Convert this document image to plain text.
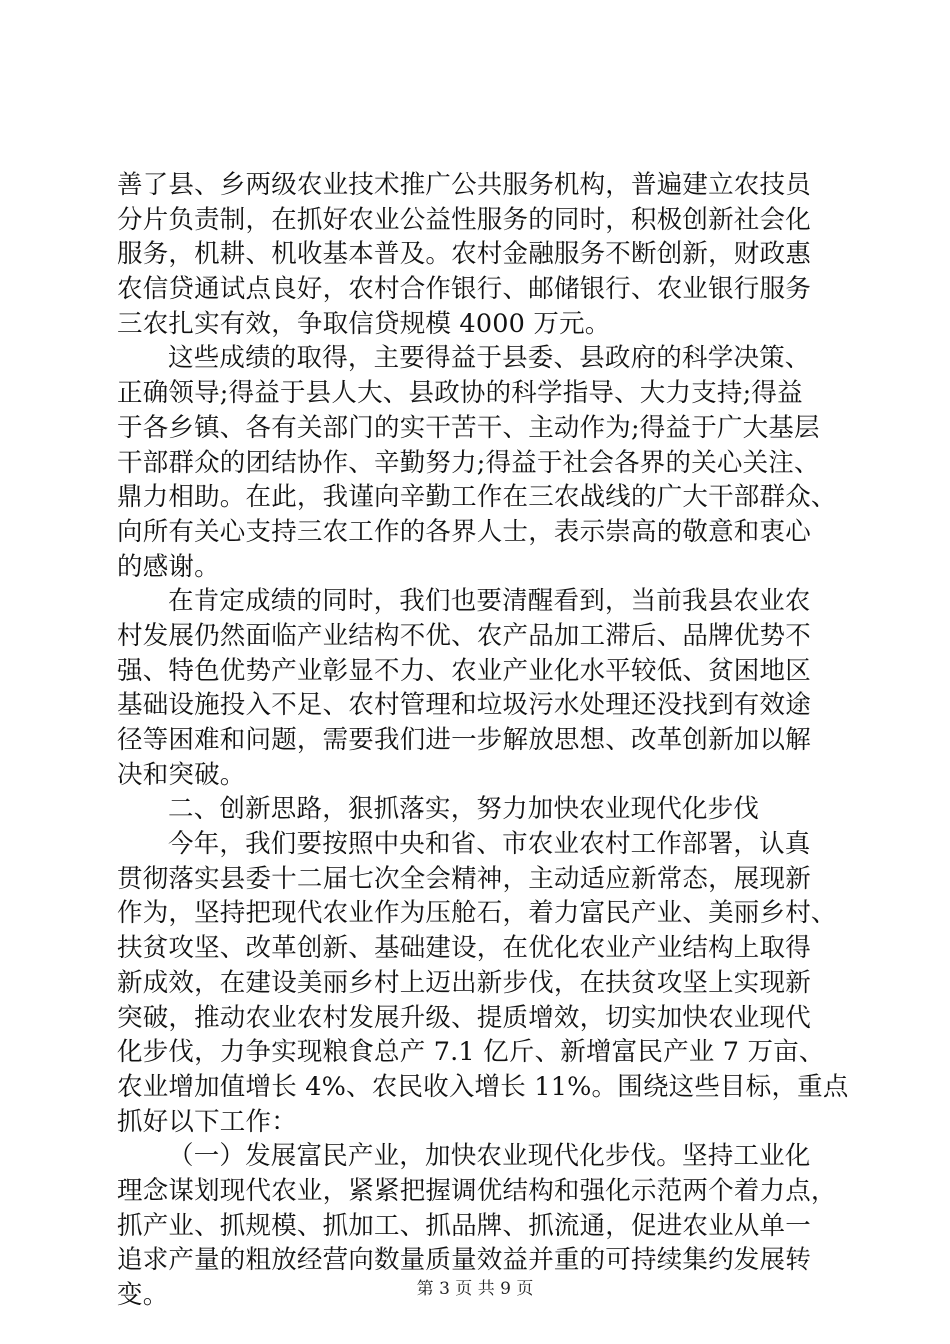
善了县、乡两级农业技术推广公共服务机构，普遍建立农技员
分片负责制，在抓好农业公益性服务的同时，积极创新社会化
服务，机耕、机收基本普及。农村金融服务不断创新，财政惠
农信贷通试点良好，农村合作银行、邮储银行、农业银行服务
三农扎实有效，争取信贷规模 4000 万元。
这些成绩的取得，主要得益于县委、县政府的科学决策、
正确领导;得益于县人大、县政协的科学指导、大力支持;得益
于各乡镇、各有关部门的实干苦干、主动作为;得益于广大基层
干部群众的团结协作、辛勤努力;得益于社会各界的关心关注、
鼎力相助。在此，我谨向辛勤工作在三农战线的广大干部群众、
向所有关心支持三农工作的各界人士，表示崇高的敬意和衷心
的感谢。
在肯定成绩的同时，我们也要清醒看到，当前我县农业农
村发展仍然面临产业结构不优、农产品加工滞后、品牌优势不
强、特色优势产业彰显不力、农业产业化水平较低、贫困地区
基础设施投入不足、农村管理和垃圾污水处理还没找到有效途
径等困难和问题，需要我们进一步解放思想、改革创新加以解
决和突破。
二、创新思路，狠抓落实，努力加快农业现代化步伐
今年，我们要按照中央和省、市农业农村工作部署，认真
贯彻落实县委十二届七次全会精神，主动适应新常态，展现新
作为，坚持把现代农业作为压舱石，着力富民产业、美丽乡村、
扶贫攻坚、改革创新、基础建设，在优化农业产业结构上取得
新成效，在建设美丽乡村上迈出新步伐，在扶贫攻坚上实现新
突破，推动农业农村发展升级、提质增效，切实加快农业现代
化步伐，力争实现粮食总产 7.1 亿斤、新增富民产业 7 万亩、
农业增加值增长 4%、农民收入增长 11%。围绕这些目标，重点
抓好以下工作：
（一）发展富民产业，加快农业现代化步伐。坚持工业化
理念谋划现代农业，紧紧把握调优结构和强化示范两个着力点，
抓产业、抓规模、抓加工、抓品牌、抓流通，促进农业从单一
追求产量的粗放经营向数量质量效益并重的可持续集约发展转
变。	第 3 页 共 9 页
